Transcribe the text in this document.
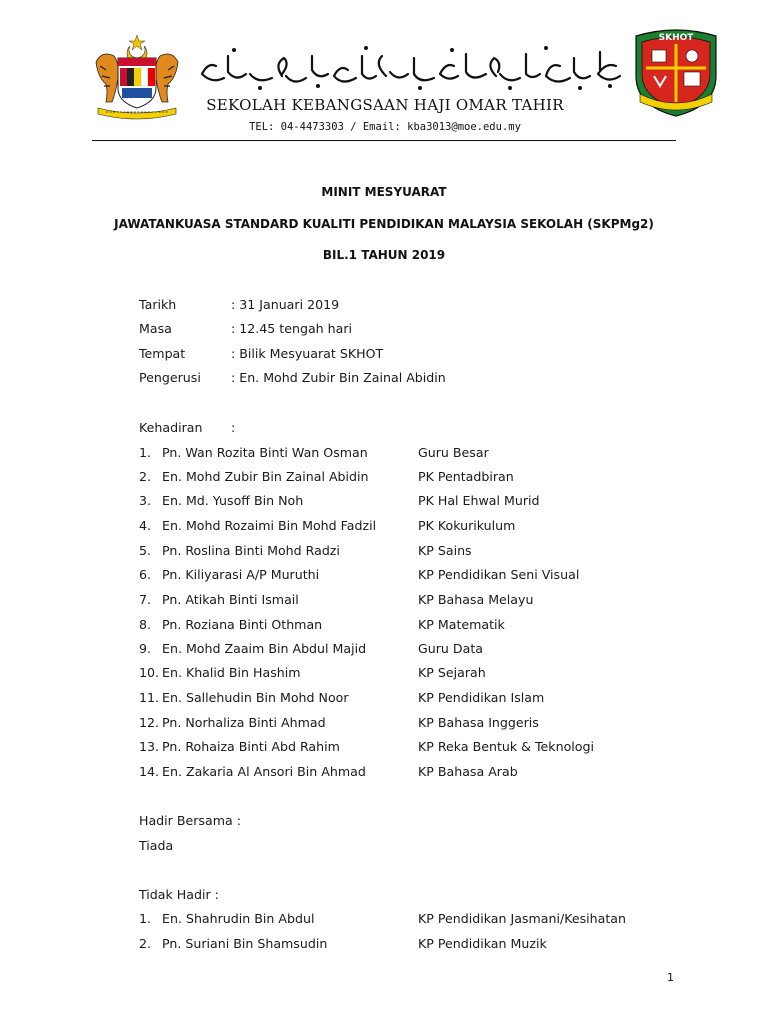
SKHOT
SEKOLAH KEBANGSAAN HAJI OMAR TAHIR
TEL: 04-4473303 / Email: kba3013@moe.edu.my
MINIT MESYUARAT
JAWATANKUASA STANDARD KUALITI PENDIDIKAN MALAYSIA SEKOLAH (SKPMg2)
BIL.1 TAHUN 2019
Tarikh	: 31 Januari 2019
Masa	: 12.45 tengah hari
Tempat	: Bilik Mesyuarat SKHOT
Pengerusi : En. Mohd Zubir Bin Zainal Abidin
Kehadiran :
1. Pn. Wan Rozita Binti Wan Osman	Guru Besar
2. En. Mohd Zubir Bin Zainal Abidin	PK Pentadbiran
3. En. Md. Yusoff Bin Noh	PK Hal Ehwal Murid
4. En. Mohd Rozaimi Bin Mohd Fadzil	PK Kokurikulum
5. Pn. Roslina Binti Mohd Radzi	KP Sains
6. Pn. Kiliyarasi A/P Muruthi	KP Pendidikan Seni Visual
7. Pn. Atikah Binti Ismail	KP Bahasa Melayu
8. Pn. Roziana Binti Othman	KP Matematik
9. En. Mohd Zaaim Bin Abdul Majid	Guru Data
10. En. Khalid Bin Hashim	KP Sejarah
11. En. Sallehudin Bin Mohd Noor	KP Pendidikan Islam
12. Pn. Norhaliza Binti Ahmad	KP Bahasa Inggeris
13. Pn. Rohaiza Binti Abd Rahim	KP Reka Bentuk & Teknologi
14. En. Zakaria Al Ansori Bin Ahmad	KP Bahasa Arab
Hadir Bersama :
Tiada
Tidak Hadir :
1. En. Shahrudin Bin Abdul	KP Pendidikan Jasmani/Kesihatan
2. Pn. Suriani Bin Shamsudin	KP Pendidikan Muzik
1
